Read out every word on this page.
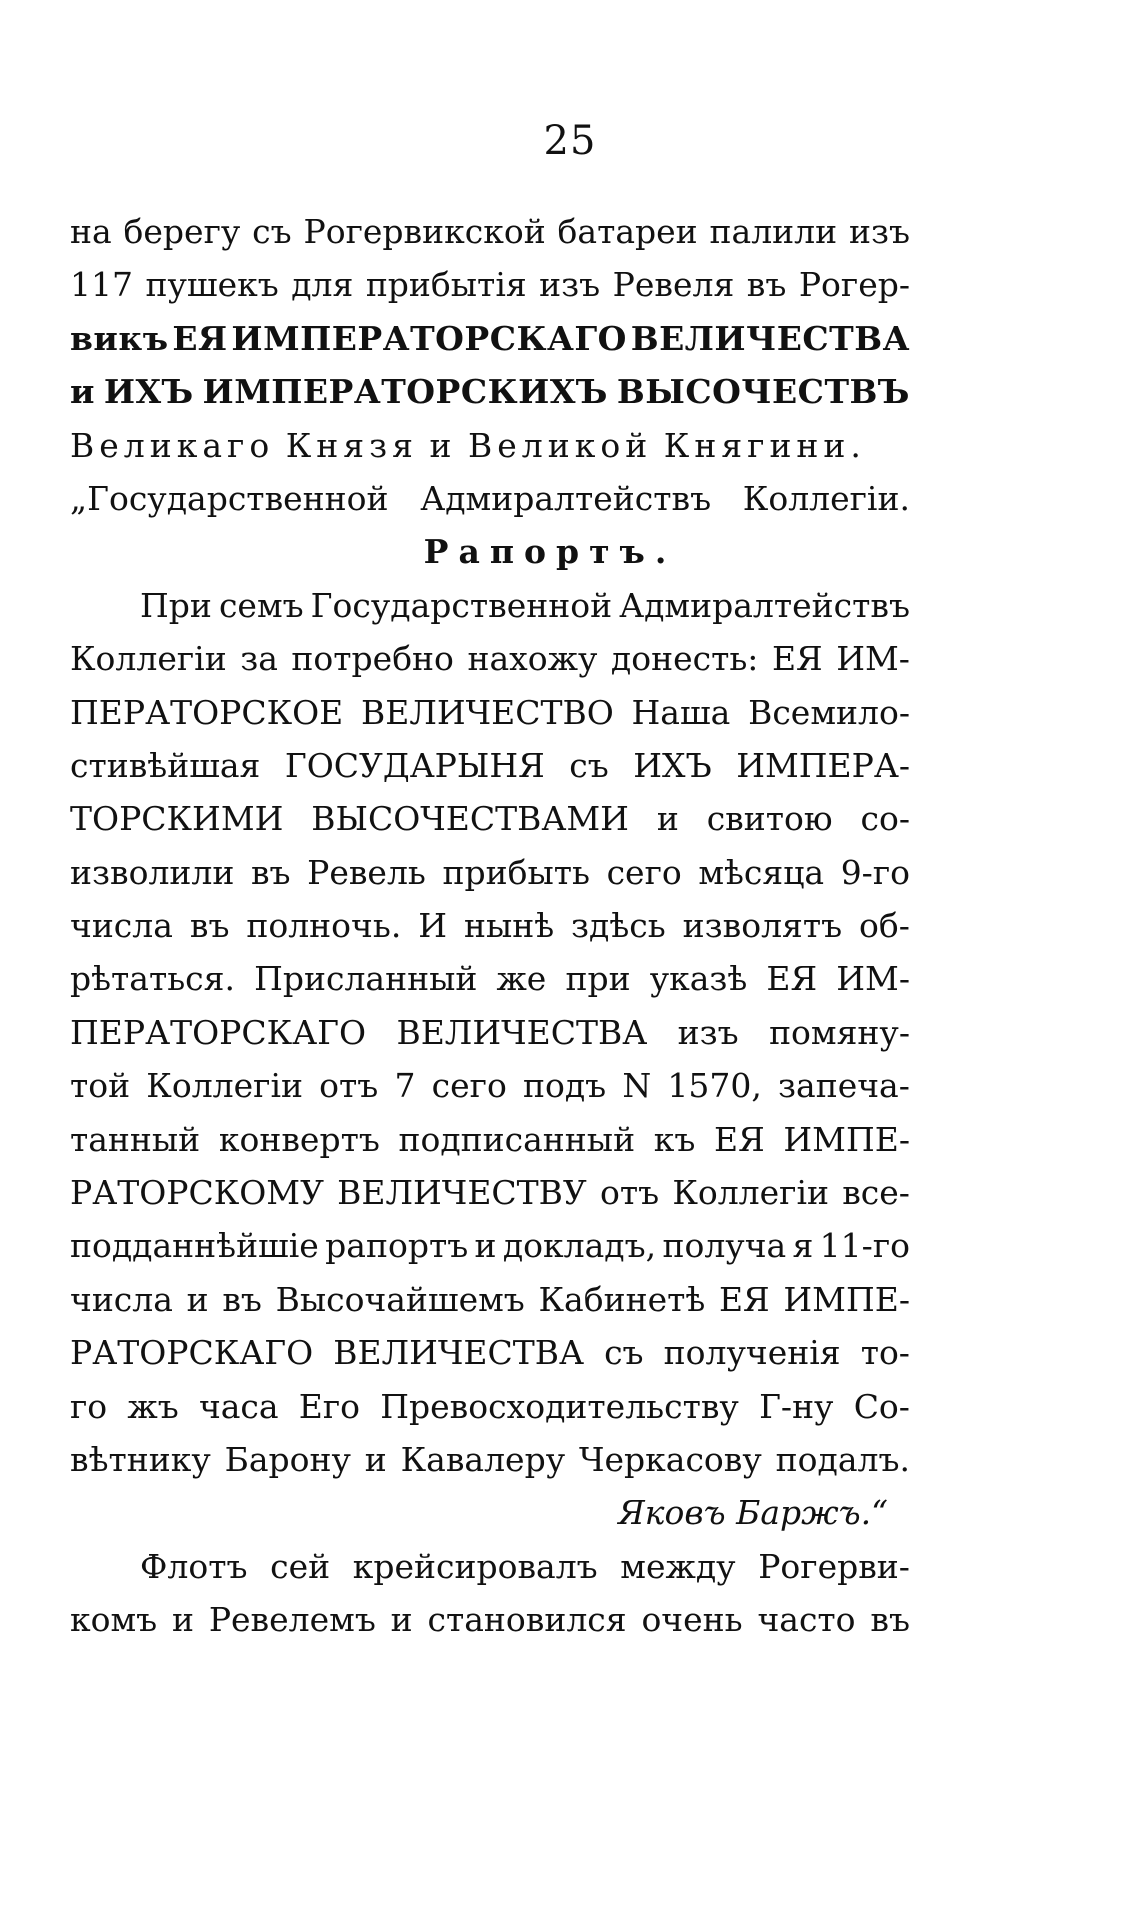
25
на берегу съ Рогервикской батареи палили изъ
117 пушекъ для прибытія изъ Ревеля въ Рогер-
викъ ЕЯ ИМПЕРАТОРСКАГО ВЕЛИЧЕСТВА
и ИХЪ ИМПЕРАТОРСКИХЪ ВЫСОЧЕСТВЪ
Великаго Князя и Великой Княгини.
„Государственной Адмиралтействъ Коллегіи.
Рапортъ.
При семъ Государственной Адмиралтействъ
Коллегіи за потребно нахожу донесть: ЕЯ ИМ-
ПЕРАТОРСКОЕ ВЕЛИЧЕСТВО Наша Всемило-
стивѣйшая ГОСУДАРЫНЯ съ ИХЪ ИМПЕРА-
ТОРСКИМИ ВЫСОЧЕСТВАМИ и свитою со-
изволили въ Ревель прибыть сего мѣсяца 9-го
числа въ полночь. И нынѣ здѣсь изволятъ об-
рѣтаться. Присланный же при указѣ ЕЯ ИМ-
ПЕРАТОРСКАГО ВЕЛИЧЕСТВА изъ помяну-
той Коллегіи отъ 7 сего подъ N 1570, запеча-
танный конвертъ подписанный къ ЕЯ ИМПЕ-
РАТОРСКОМУ ВЕЛИЧЕСТВУ отъ Коллегіи все-
подданнѣйшіе рапортъ и докладъ, получа я 11-го
числа и въ Высочайшемъ Кабинетѣ ЕЯ ИМПЕ-
РАТОРСКАГО ВЕЛИЧЕСТВА съ полученія то-
го жъ часа Его Превосходительству Г-ну Со-
вѣтнику Барону и Кавалеру Черкасову подалъ.
Яковъ Баржъ.“
Флотъ сей крейсировалъ между Рогерви-
комъ и Ревелемъ и становился очень часто въ
